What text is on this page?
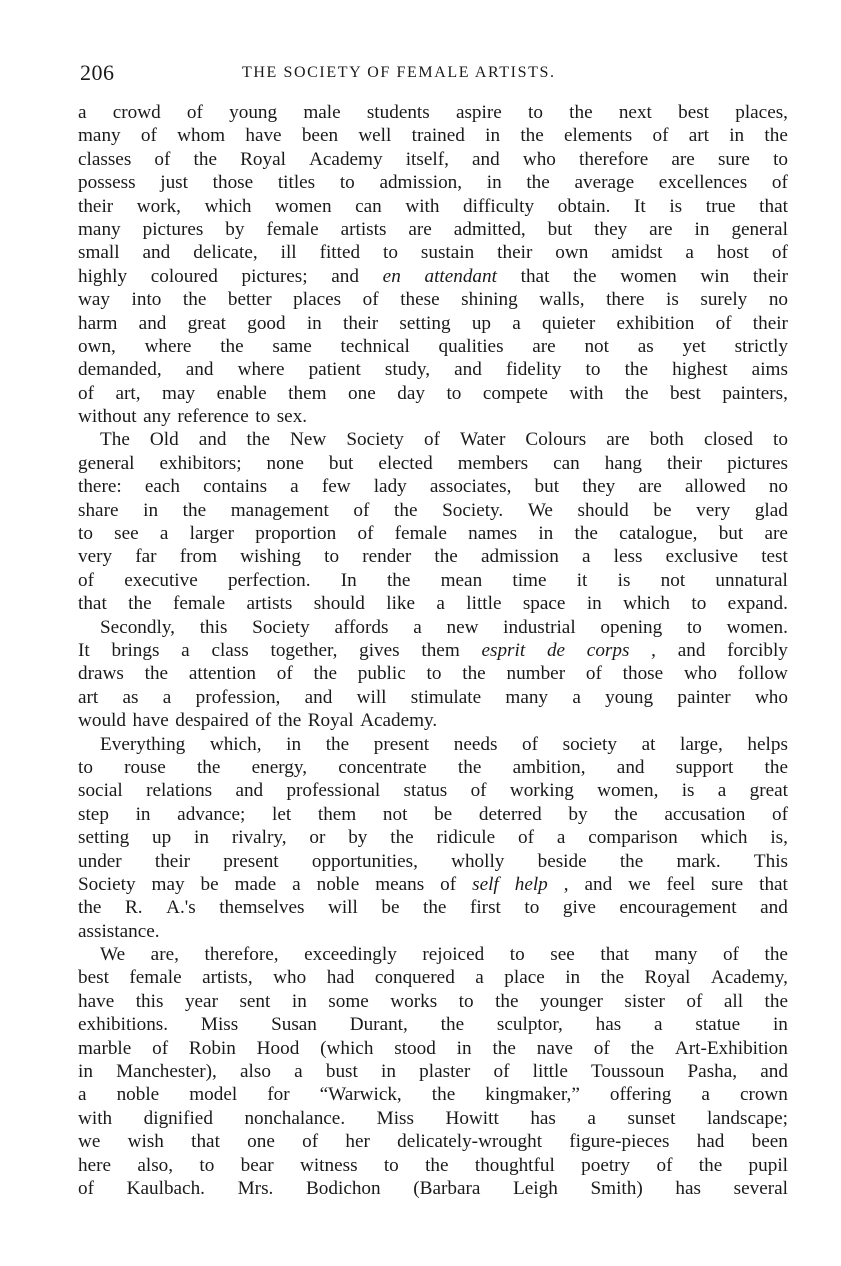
206	THE SOCIETY OF FEMALE ARTISTS.
a crowd of young male students aspire to the next best places,
many of whom have been well trained in the elements of art in the
classes of the Royal Academy itself, and who therefore are sure to
possess just those titles to admission, in the average excellences of
their work, which women can with difficulty obtain. It is true that
many pictures by female artists are admitted, but they are in general
small and delicate, ill fitted to sustain their own amidst a host of
highly coloured pictures; and en attendant that the women win their
way into the better places of these shining walls, there is surely no
harm and great good in their setting up a quieter exhibition of their
own, where the same technical qualities are not as yet strictly
demanded, and where patient study, and fidelity to the highest aims
of art, may enable them one day to compete with the best painters,
without any reference to sex.
The Old and the New Society of Water Colours are both closed to
general exhibitors; none but elected members can hang their pictures
there: each contains a few lady associates, but they are allowed no
share in the management of the Society. We should be very glad
to see a larger proportion of female names in the catalogue, but are
very far from wishing to render the admission a less exclusive test
of executive perfection. In the mean time it is not unnatural
that the female artists should like a little space in which to expand.
Secondly, this Society affords a new industrial opening to women.
It brings a class together, gives them esprit de corps , and forcibly
draws the attention of the public to the number of those who follow
art as a profession, and will stimulate many a young painter who
would have despaired of the Royal Academy.
Everything which, in the present needs of society at large, helps
to rouse the energy, concentrate the ambition, and support the
social relations and professional status of working women, is a great
step in advance; let them not be deterred by the accusation of
setting up in rivalry, or by the ridicule of a comparison which is,
under their present opportunities, wholly beside the mark. This
Society may be made a noble means of self help , and we feel sure that
the R. A.'s themselves will be the first to give encouragement and
assistance.
We are, therefore, exceedingly rejoiced to see that many of the
best female artists, who had conquered a place in the Royal Academy,
have this year sent in some works to the younger sister of all the
exhibitions. Miss Susan Durant, the sculptor, has a statue in
marble of Robin Hood (which stood in the nave of the Art-Exhibition
in Manchester), also a bust in plaster of little Toussoun Pasha, and
a noble model for “Warwick, the kingmaker,” offering a crown
with dignified nonchalance. Miss Howitt has a sunset landscape;
we wish that one of her delicately-wrought figure-pieces had been
here also, to bear witness to the thoughtful poetry of the pupil
of Kaulbach. Mrs. Bodichon (Barbara Leigh Smith) has several
